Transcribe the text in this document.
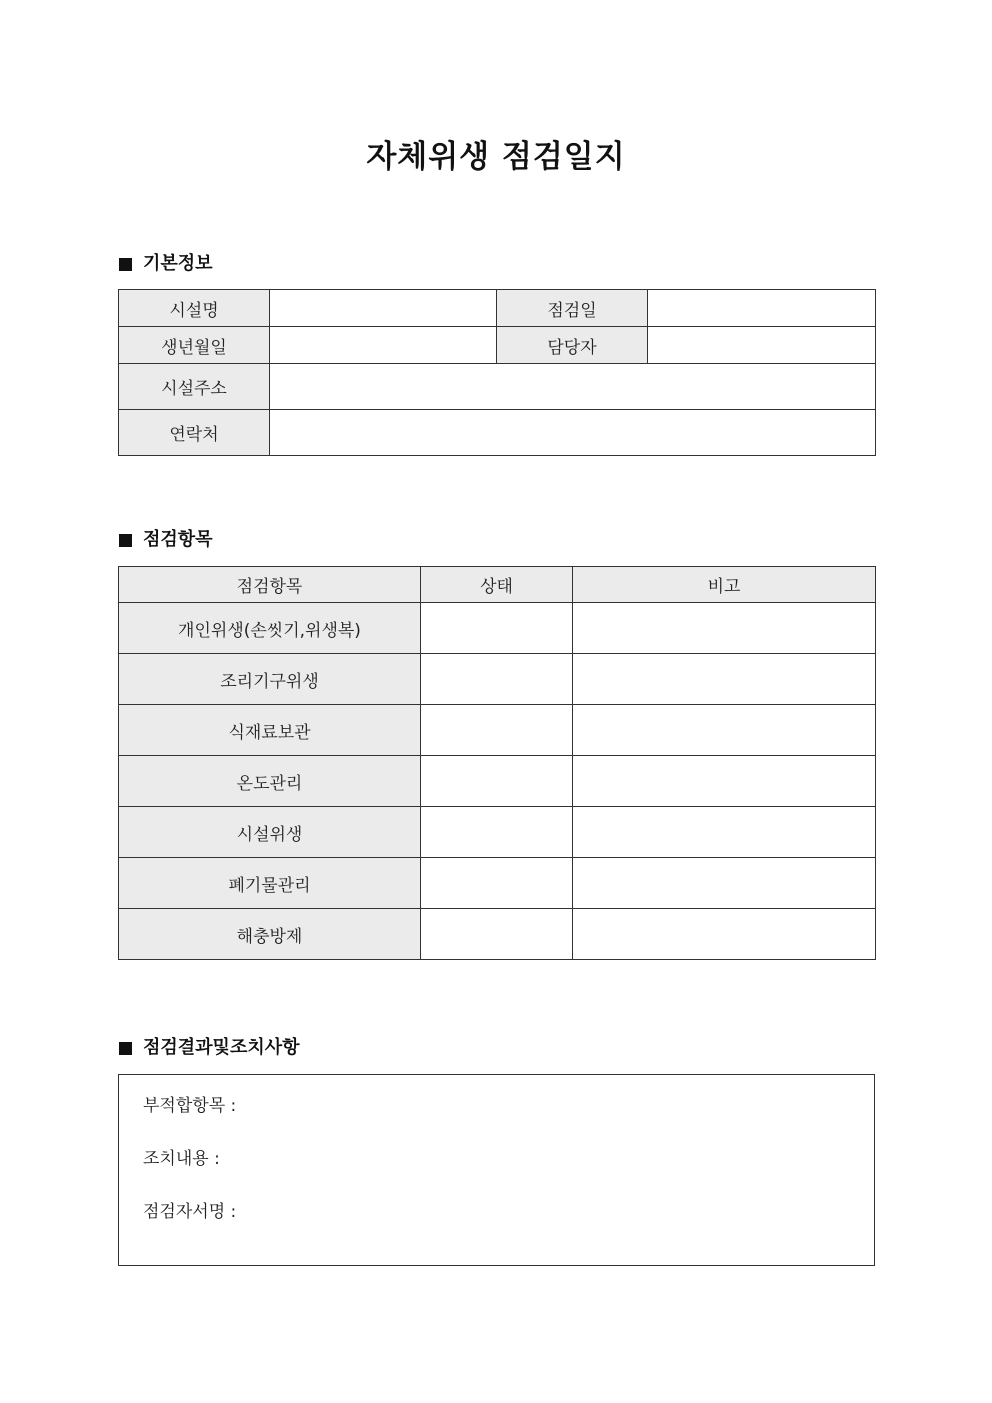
자체위생 점검일지
기본정보
시설명		점검일	
생년월일		담당자	
시설주소			
연락처			
점검항목
점검항목	상태	비고
개인위생(손씻기,위생복)		
조리기구위생		
식재료보관		
온도관리		
시설위생		
폐기물관리		
해충방제		
점검결과및조치사항
부적합항목 :
조치내용 :
점검자서명 :
